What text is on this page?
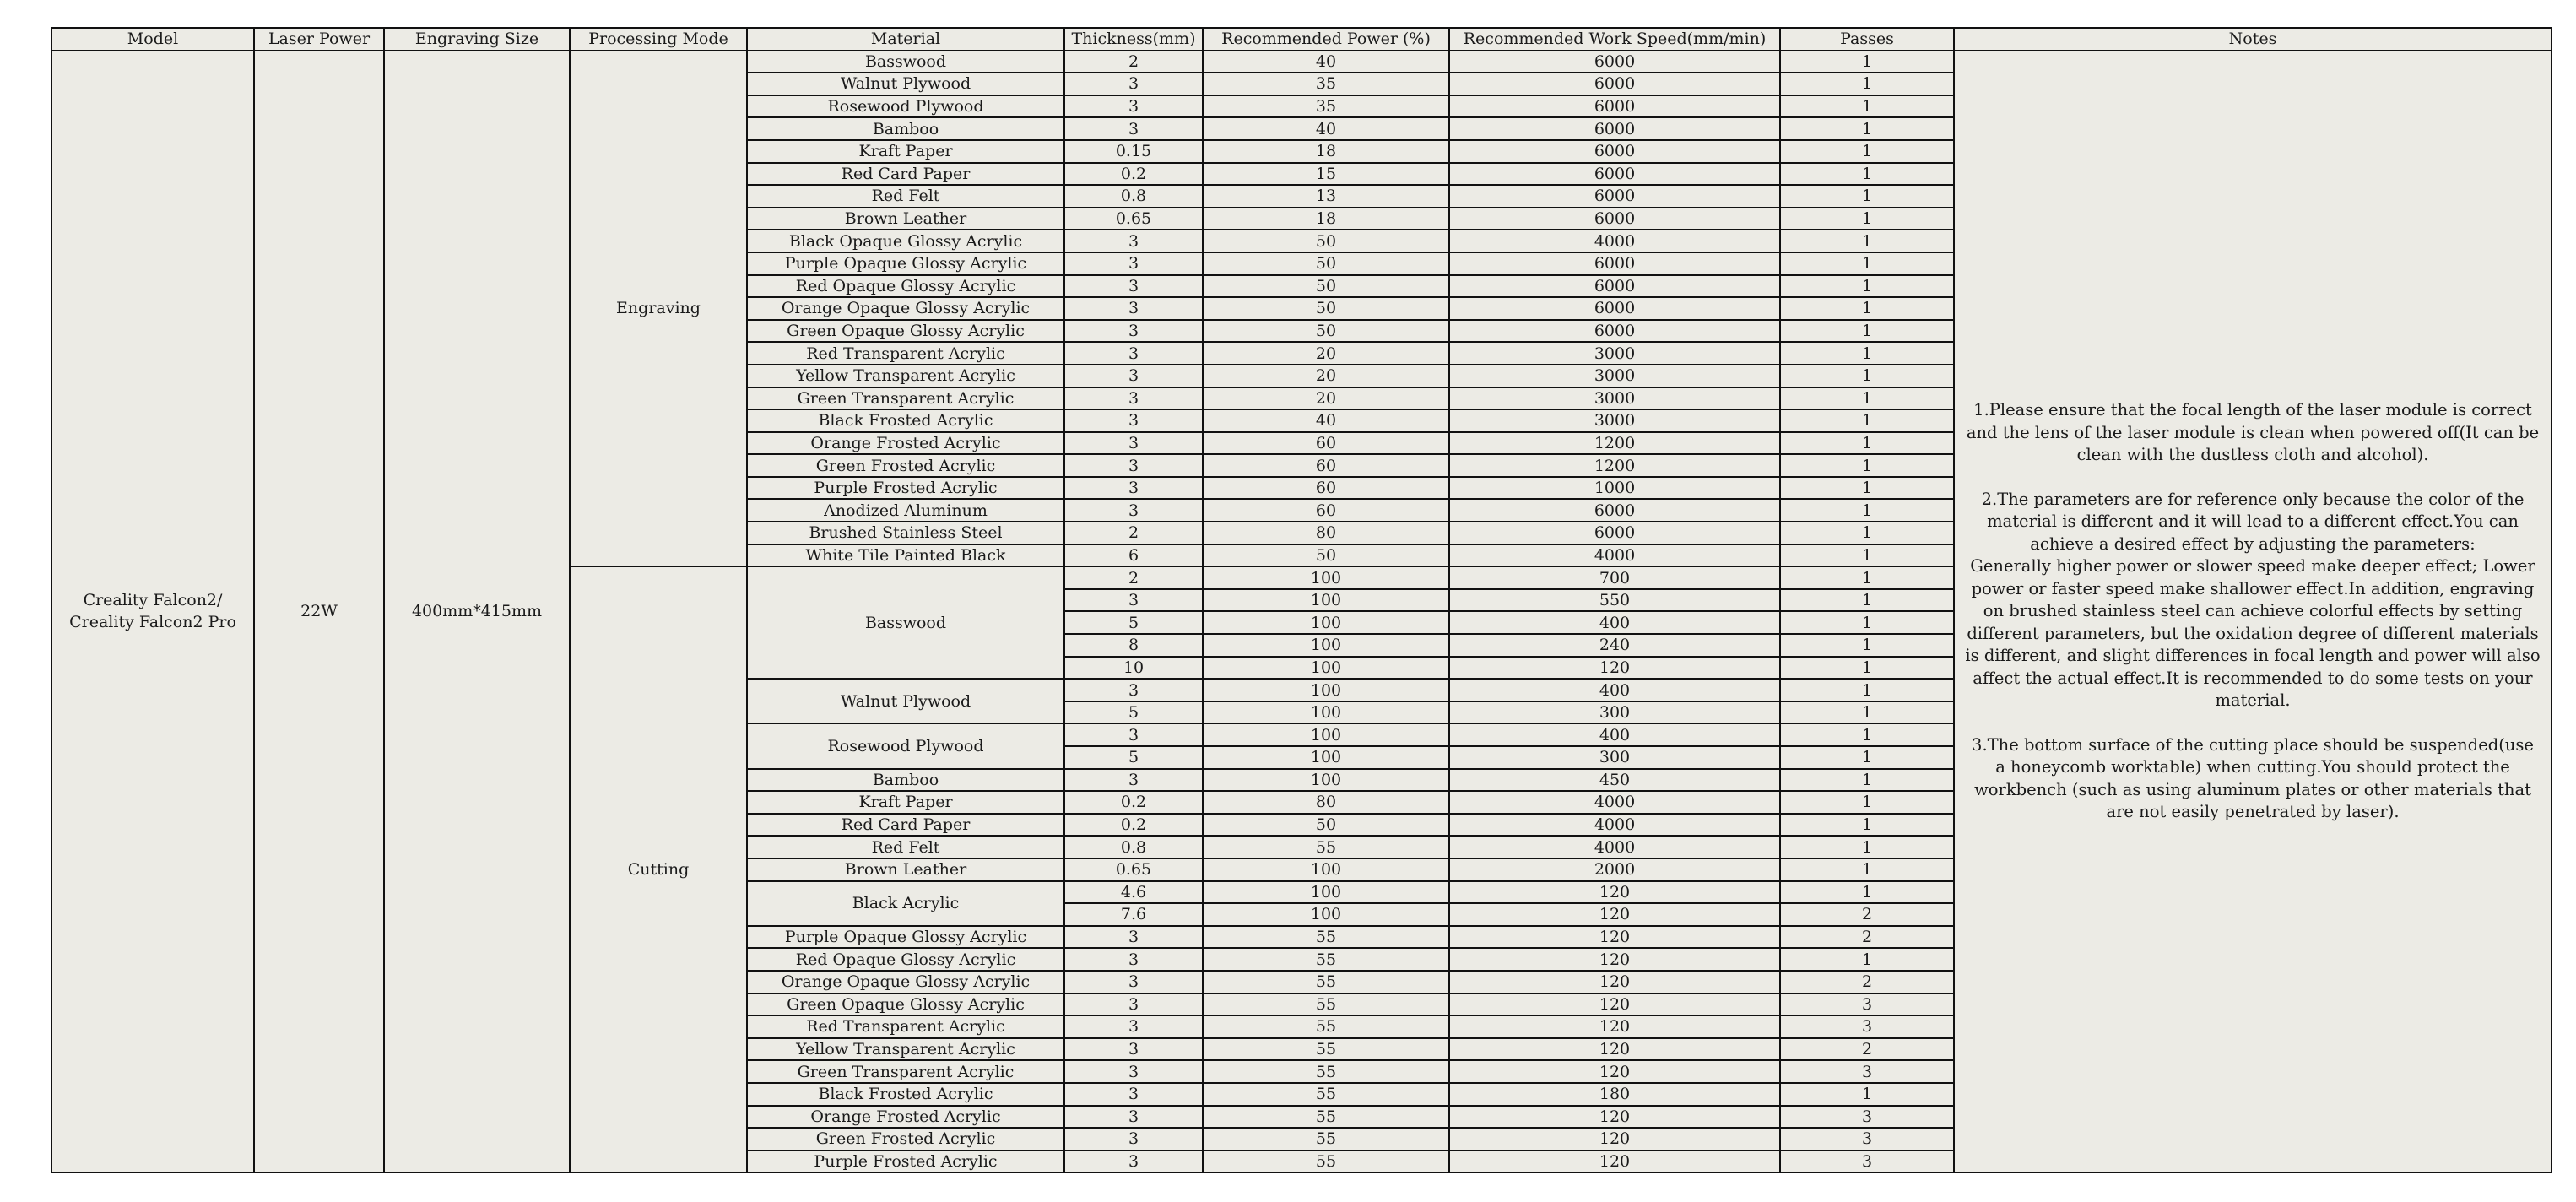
Model	Laser Power	Engraving Size	Processing Mode	Material	Thickness(mm)	Recommended Power (%)	Recommended Work Speed(mm/min)	Passes	Notes
Creality Falcon2/ Creality Falcon2 Pro	22W	400mm*415mm	Engraving	Basswood	2	40	6000	1	1.Please ensure that the focal length of the laser module is correct and the lens of the laser module is clean when powered off(It can be clean with the dustless cloth and alcohol).
2.The parameters are for reference only because the color of the material is different and it will lead to a different effect.You can achieve a desired effect by adjusting the parameters:
Generally higher power or slower speed make deeper effect; Lower power or faster speed make shallower effect.In addition, engraving on brushed stainless steel can achieve colorful effects by setting different parameters, but the oxidation degree of different materials is different, and slight differences in focal length and power will also affect the actual effect.It is recommended to do some tests on your material.
3.The bottom surface of the cutting place should be suspended(use a honeycomb worktable) when cutting.You should protect the workbench (such as using aluminum plates or other materials that are not easily penetrated by laser).

				Walnut Plywood	3	35	6000	1	
				Rosewood Plywood	3	35	6000	1	
				Bamboo	3	40	6000	1	
				Kraft Paper	0.15	18	6000	1	
				Red Card Paper	0.2	15	6000	1	
				Red Felt	0.8	13	6000	1	
				Brown Leather	0.65	18	6000	1	
				Black Opaque Glossy Acrylic	3	50	4000	1	
				Purple Opaque Glossy Acrylic	3	50	6000	1	
				Red Opaque Glossy Acrylic	3	50	6000	1	
				Orange Opaque Glossy Acrylic	3	50	6000	1	
				Green Opaque Glossy Acrylic	3	50	6000	1	
				Red Transparent Acrylic	3	20	3000	1	
				Yellow Transparent Acrylic	3	20	3000	1	
				Green Transparent Acrylic	3	20	3000	1	
				Black Frosted Acrylic	3	40	3000	1	
				Orange Frosted Acrylic	3	60	1200	1	
				Green Frosted Acrylic	3	60	1200	1	
				Purple Frosted Acrylic	3	60	1000	1	
				Anodized Aluminum	3	60	6000	1	
				Brushed Stainless Steel	2	80	6000	1	
				White Tile Painted Black	6	50	4000	1	
			Cutting	Basswood	2	100	700	1	
					3	100	550	1	
					5	100	400	1	
					8	100	240	1	
					10	100	120	1	
				Walnut Plywood	3	100	400	1	
					5	100	300	1	
				Rosewood Plywood	3	100	400	1	
					5	100	300	1	
				Bamboo	3	100	450	1	
				Kraft Paper	0.2	80	4000	1	
				Red Card Paper	0.2	50	4000	1	
				Red Felt	0.8	55	4000	1	
				Brown Leather	0.65	100	2000	1	
				Black Acrylic	4.6	100	120	1	
					7.6	100	120	2	
				Purple Opaque Glossy Acrylic	3	55	120	2	
				Red Opaque Glossy Acrylic	3	55	120	1	
				Orange Opaque Glossy Acrylic	3	55	120	2	
				Green Opaque Glossy Acrylic	3	55	120	3	
				Red Transparent Acrylic	3	55	120	3	
				Yellow Transparent Acrylic	3	55	120	2	
				Green Transparent Acrylic	3	55	120	3	
				Black Frosted Acrylic	3	55	180	1	
				Orange Frosted Acrylic	3	55	120	3	
				Green Frosted Acrylic	3	55	120	3	
				Purple Frosted Acrylic	3	55	120	3	
